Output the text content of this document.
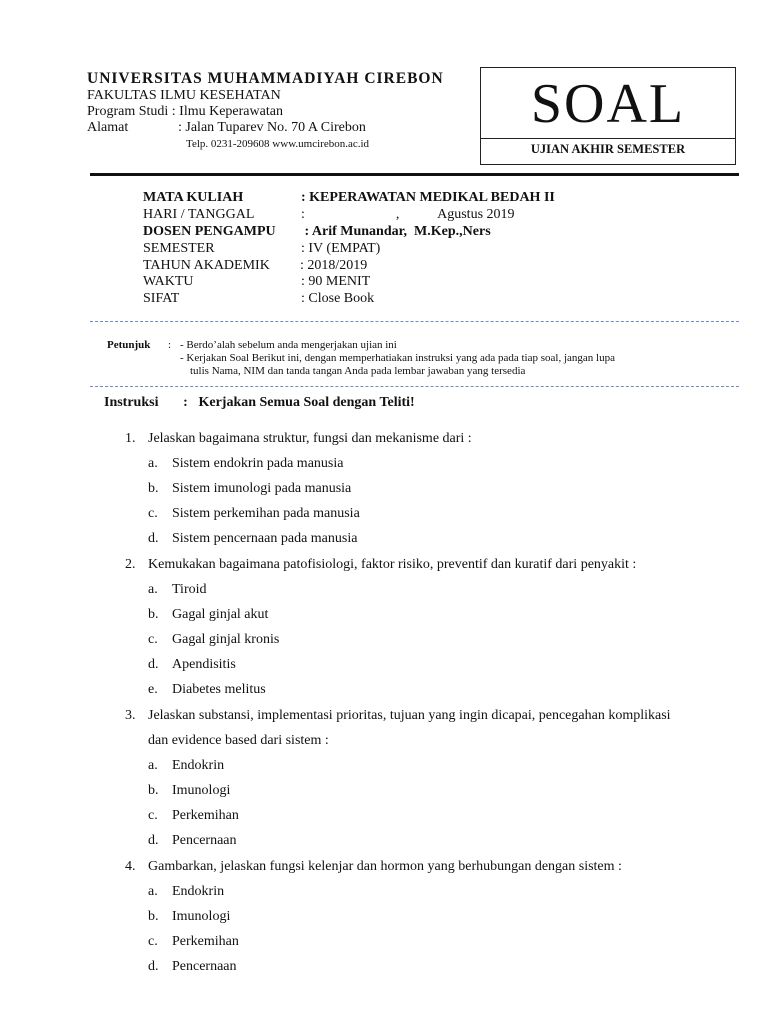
UNIVERSITAS MUHAMMADIYAH CIREBON
FAKULTAS ILMU KESEHATAN
Program Studi : Ilmu Keperawatan
Alamat	: Jalan Tuparev No. 70 A Cirebon
Telp. 0231-209608 www.umcirebon.ac.id
SOAL
UJIAN AKHIR SEMESTER
MATA KULIAH	: KEPERAWATAN MEDIKAL BEDAH II
HARI / TANGGAL	:                          ,           Agustus 2019
DOSEN PENGAMPU : Arif Munandar,  M.Kep.,Ners
SEMESTER	: IV (EMPAT)
TAHUN AKADEMIK : 2018/2019
WAKTU	: 90 MENIT
SIFAT	: Close Book
Petunjuk : - Berdo’alah sebelum anda mengerjakan ujian ini
- Kerjakan Soal Berikut ini, dengan memperhatiakan instruksi yang ada pada tiap soal, jangan lupa
tulis Nama, NIM dan tanda tangan Anda pada lembar jawaban yang tersedia
Instruksi : Kerjakan Semua Soal dengan Teliti!
1. Jelaskan bagaimana struktur, fungsi dan mekanisme dari :
a. Sistem endokrin pada manusia
b. Sistem imunologi pada manusia
c. Sistem perkemihan pada manusia
d. Sistem pencernaan pada manusia
2. Kemukakan bagaimana patofisiologi, faktor risiko, preventif dan kuratif dari penyakit :
a. Tiroid
b. Gagal ginjal akut
c. Gagal ginjal kronis
d. Apendisitis
e. Diabetes melitus
3. Jelaskan substansi, implementasi prioritas, tujuan yang ingin dicapai, pencegahan komplikasi
dan evidence based dari sistem :
a. Endokrin
b. Imunologi
c. Perkemihan
d. Pencernaan
4. Gambarkan, jelaskan fungsi kelenjar dan hormon yang berhubungan dengan sistem :
a. Endokrin
b. Imunologi
c. Perkemihan
d. Pencernaan
